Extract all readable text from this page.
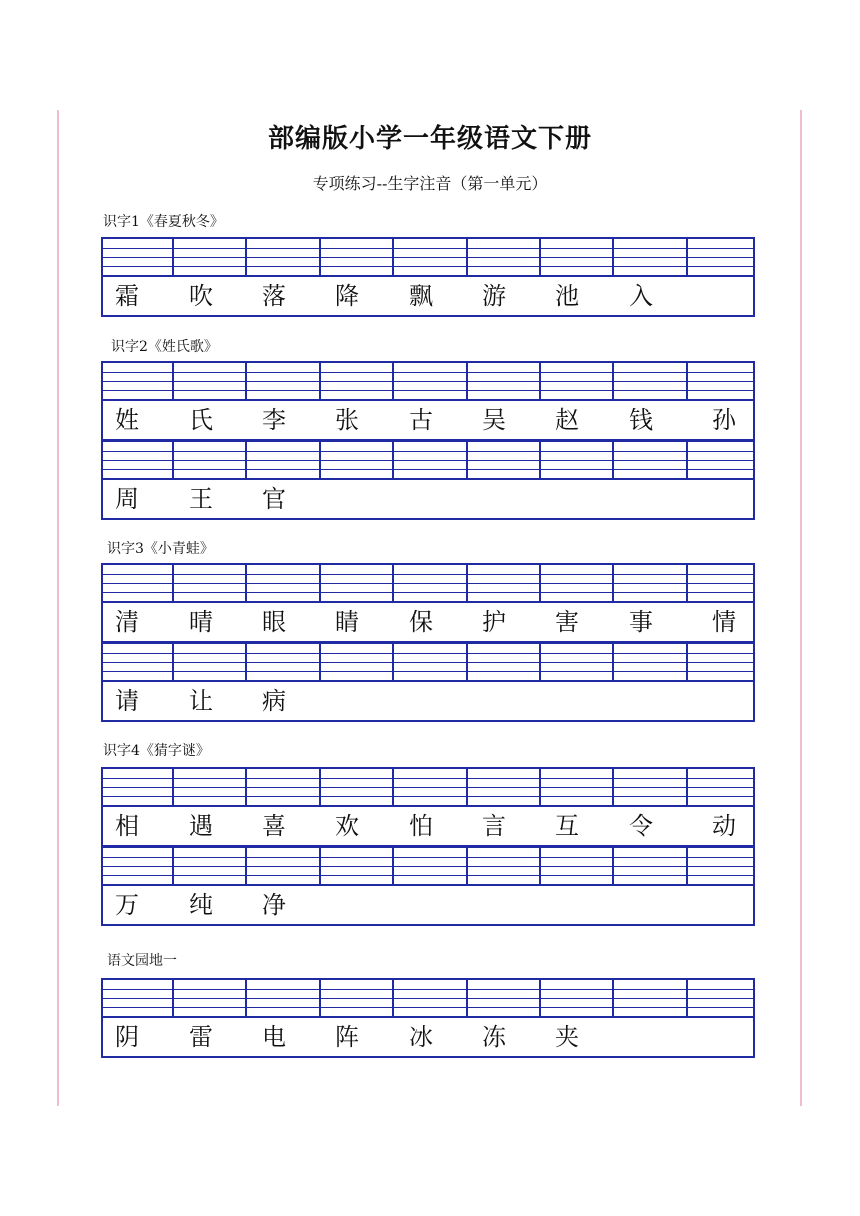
部编版小学一年级语文下册
专项练习--生字注音（第一单元）
识字1《春夏秋冬》
霜	吹	落	降	飘	游	池	入
识字2《姓氏歌》
姓	氏	李	张	古	吴	赵	钱	孙
周	王	官
识字3《小青蛙》
清	晴	眼	睛	保	护	害	事	情
请	让	病
识字4《猜字谜》
相	遇	喜	欢	怕	言	互	令	动
万	纯	净
语文园地一
阴	雷	电	阵	冰	冻	夹
